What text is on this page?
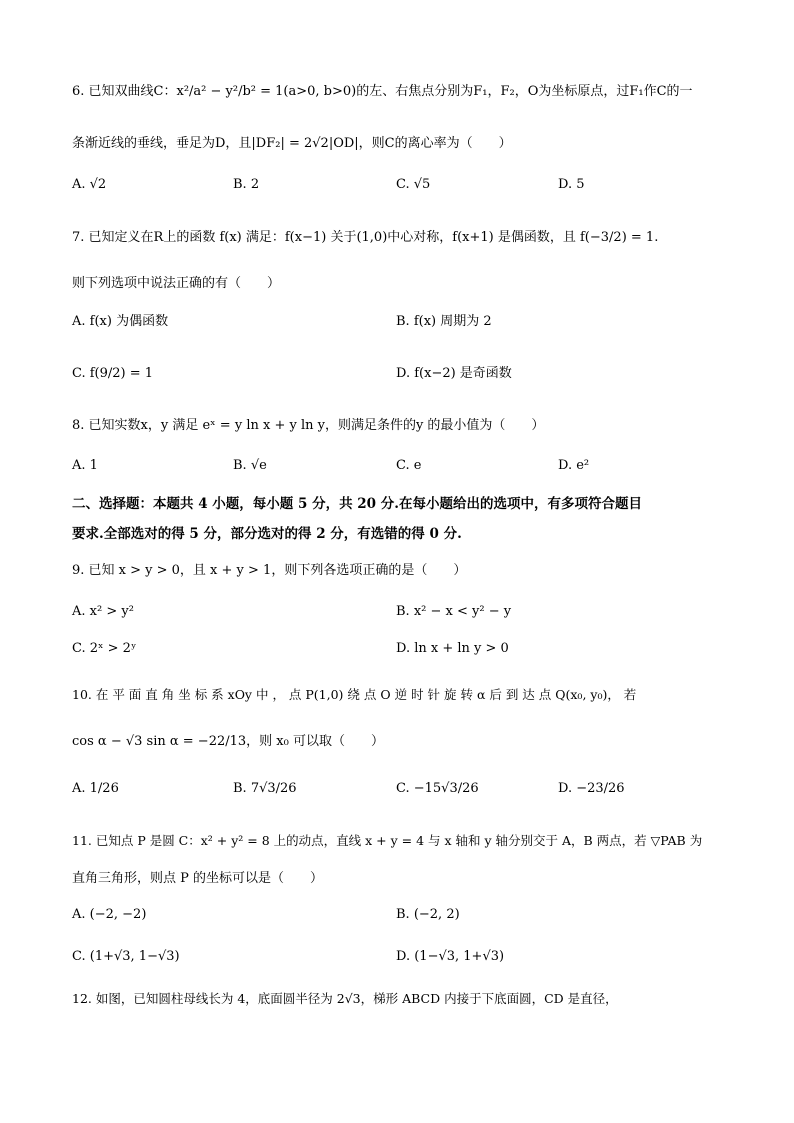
6. 已知双曲线C：x²/a² − y²/b² = 1(a>0, b>0)的左、右焦点分别为F₁，F₂，O为坐标原点，过F₁作C的一
条渐近线的垂线，垂足为D，且|DF₂| = 2√2|OD|，则C的离心率为（　　）
A. √2	B. 2	C. √5	D. 5
7. 已知定义在R上的函数 f(x) 满足：f(x−1) 关于(1,0)中心对称，f(x+1) 是偶函数，且 f(−3/2) = 1.
则下列选项中说法正确的有（　　）
A. f(x) 为偶函数	B. f(x) 周期为 2
C. f(9/2) = 1	D. f(x−2) 是奇函数
8. 已知实数x，y 满足 eˣ = y ln x + y ln y，则满足条件的y 的最小值为（　　）
A. 1	B. √e	C. e	D. e²
二、选择题：本题共 4 小题，每小题 5 分，共 20 分.在每小题给出的选项中，有多项符合题目
要求.全部选对的得 5 分，部分选对的得 2 分，有选错的得 0 分.
9. 已知 x > y > 0，且 x + y > 1，则下列各选项正确的是（　　）
A. x² > y²	B. x² − x < y² − y
C. 2ˣ > 2ʸ	D. ln x + ln y > 0
10. 在 平 面 直 角 坐 标 系 xOy 中 ， 点 P(1,0) 绕 点 O 逆 时 针 旋 转 α 后 到 达 点 Q(x₀, y₀)， 若
cos α − √3 sin α = −22/13，则 x₀ 可以取（　　）
A. 1/26	B. 7√3/26	C. −15√3/26	D. −23/26
11. 已知点 P 是圆 C：x² + y² = 8 上的动点，直线 x + y = 4 与 x 轴和 y 轴分别交于 A，B 两点，若 ▽PAB 为
直角三角形，则点 P 的坐标可以是（　　）
A. (−2, −2)	B. (−2, 2)
C. (1+√3, 1−√3)	D. (1−√3, 1+√3)
12. 如图，已知圆柱母线长为 4，底面圆半径为 2√3，梯形 ABCD 内接于下底面圆，CD 是直径，
